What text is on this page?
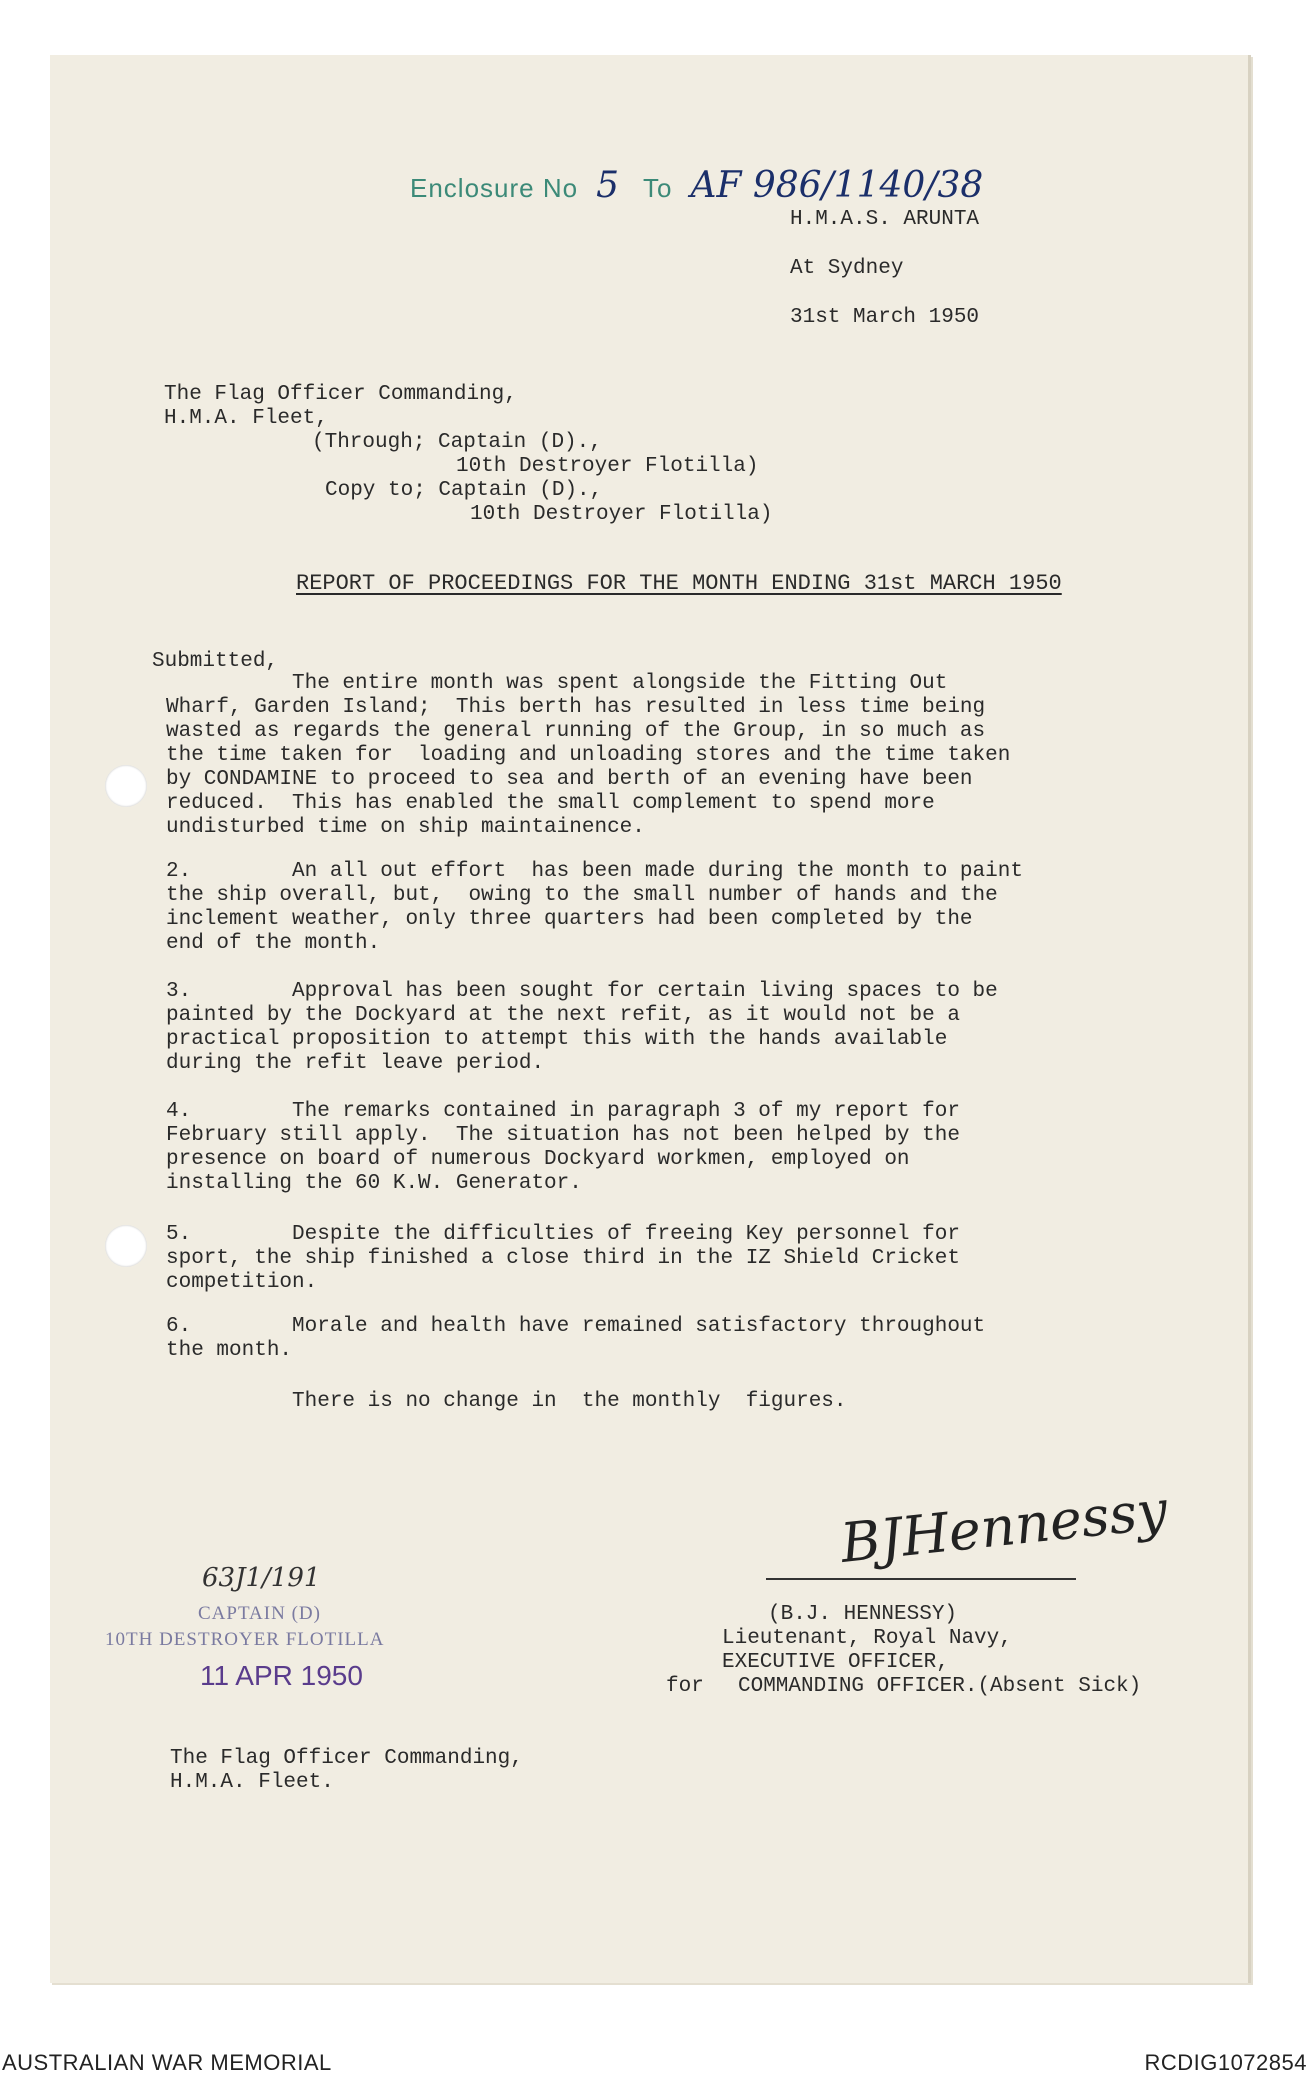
Enclosure No 5 To AF 986/1140/38

H.M.A.S. ARUNTA

At Sydney

31st March 1950

The Flag Officer Commanding,

H.M.A. Fleet,

(Through; Captain (D).,

10th Destroyer Flotilla)

Copy to; Captain (D).,

10th Destroyer Flotilla)

REPORT OF PROCEEDINGS FOR THE MONTH ENDING 31st MARCH 1950

Submitted,

The entire month was spent alongside the Fitting Out
Wharf, Garden Island;  This berth has resulted in less time being
wasted as regards the general running of the Group, in so much as
the time taken for  loading and unloading stores and the time taken
by CONDAMINE to proceed to sea and berth of an evening have been
reduced.  This has enabled the small complement to spend more
undisturbed time on ship maintainence.

2.        An all out effort  has been made during the month to paint
the ship overall, but,  owing to the small number of hands and the
inclement weather, only three quarters had been completed by the
end of the month.

3.        Approval has been sought for certain living spaces to be
painted by the Dockyard at the next refit, as it would not be a
practical proposition to attempt this with the hands available
during the refit leave period.

4.        The remarks contained in paragraph 3 of my report for
February still apply.  The situation has not been helped by the
presence on board of numerous Dockyard workmen, employed on
installing the 60 K.W. Generator.

5.        Despite the difficulties of freeing Key personnel for
sport, the ship finished a close third in the IZ Shield Cricket
competition.

6.        Morale and health have remained satisfactory throughout
the month.

There is no change in  the monthly  figures.

BJHennessy

(B.J. HENNESSY)

Lieutenant, Royal Navy,

EXECUTIVE OFFICER,

for COMMANDING OFFICER.(Absent Sick)

63J1/191

CAPTAIN (D)

10TH DESTROYER FLOTILLA

11 APR 1950

The Flag Officer Commanding,

H.M.A. Fleet.

AUSTRALIAN WAR MEMORIAL	RCDIG1072854
